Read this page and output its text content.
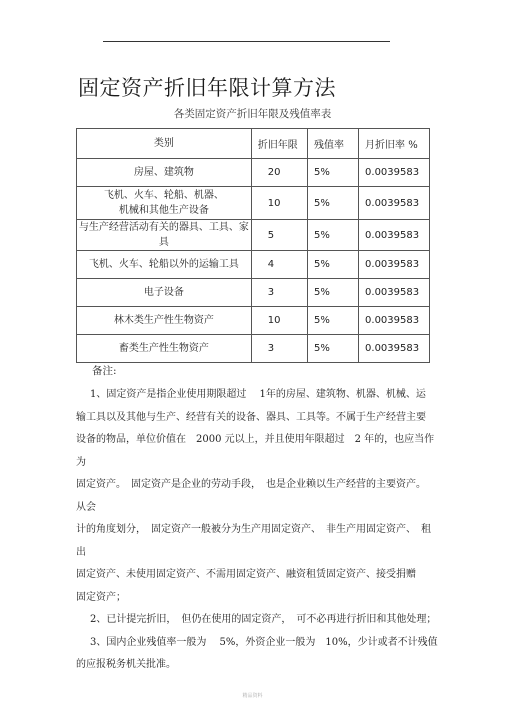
固定资产折旧年限计算方法
各类固定资产折旧年限及残值率表
类别	折旧年限	残值率	月折旧率 %
房屋、建筑物	20	5%	0.0039583
飞机、火车、轮船、机器、
机械和其他生产设备	10	5%	0.0039583
与生产经营活动有关的器具、工具、家具	5	5%	0.0039583
飞机、火车、轮船以外的运输工具	4	5%	0.0039583
电子设备	3	5%	0.0039583
林木类生产性生物资产	10	5%	0.0039583
畜类生产性生物资产	3	5%	0.0039583
备注:

1、固定资产是指企业使用期限超过　 1年的房屋、建筑物、机器、机械、运

输工具以及其他与生产、经营有关的设备、器具、工具等。不属于生产经营主要

设备的物品，单位价值在　2000 元以上，并且使用年限超过　2 年的，也应当作为

固定资产。　固定资产是企业的劳动手段，　也是企业赖以生产经营的主要资产。　从会

计的角度划分，　固定资产一般被分为生产用固定资产、　非生产用固定资产、　租出

固定资产、未使用固定资产、不需用固定资产、融资租赁固定资产、接受捐赠

固定资产；

2、已计提完折旧，　但仍在使用的固定资产，　可不必再进行折旧和其他处理；

3、国内企业残值率一般为　 5%，外资企业一般为　10%，少计或者不计残值

的应报税务机关批准。

精品资料
